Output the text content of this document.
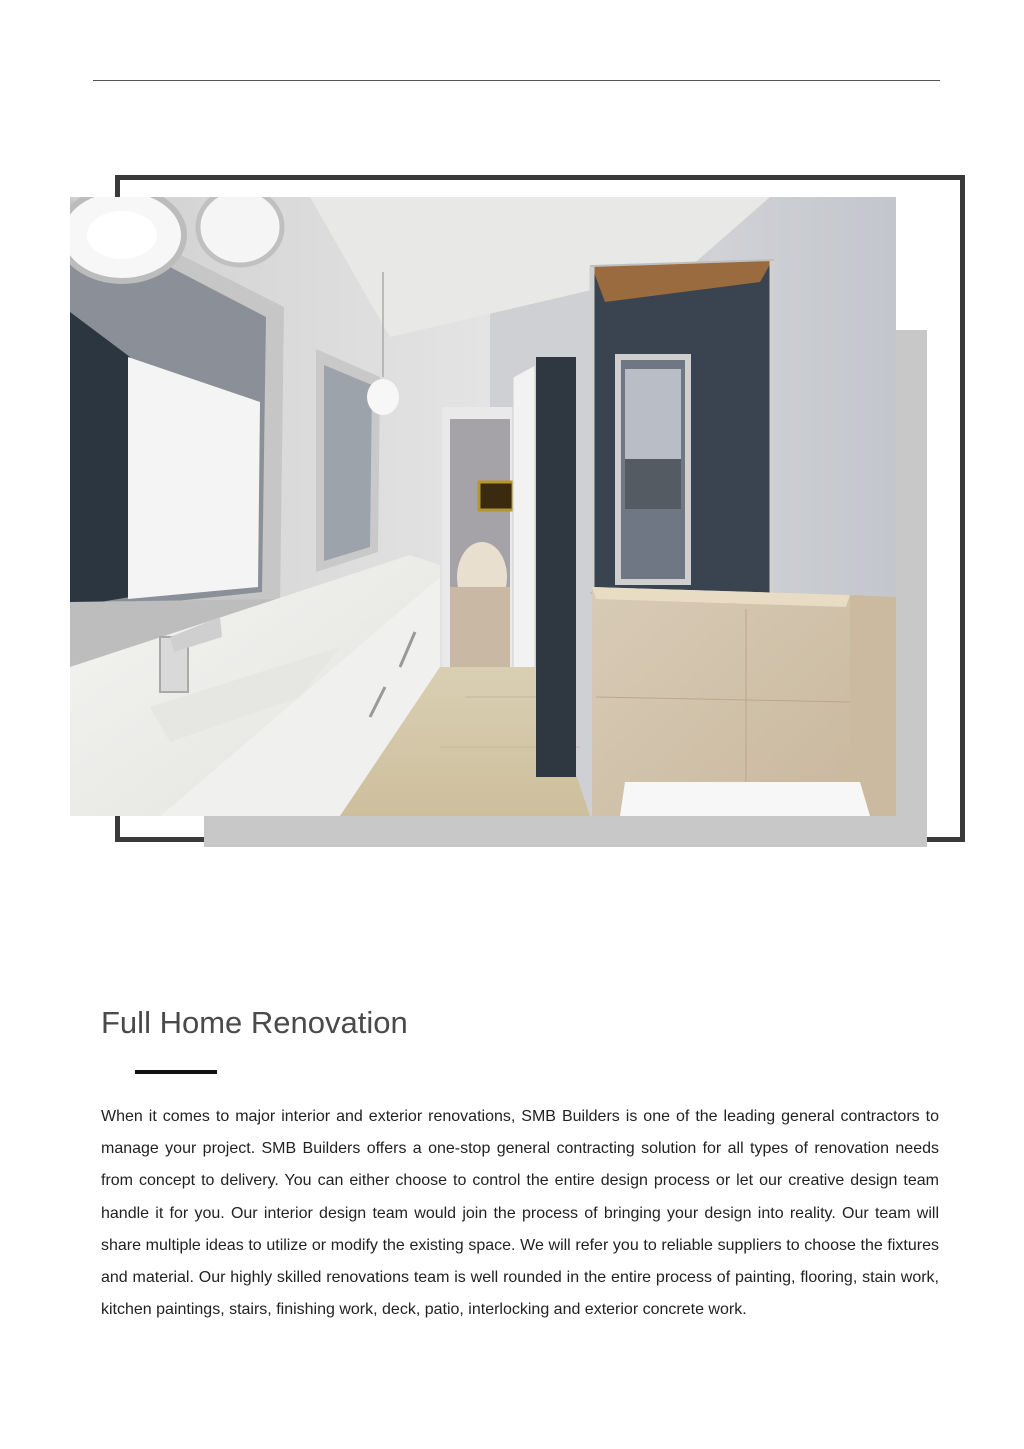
Full Home Renovation

When it comes to major interior and exterior renovations, SMB Builders is one of the leading general contractors to manage your project. SMB Builders offers a one-stop general contracting solution for all types of renovation needs from concept to delivery. You can either choose to control the entire design process or let our creative design team handle it for you. Our interior design team would join the process of bringing your design into reality. Our team will share multiple ideas to utilize or modify the existing space. We will refer you to reliable suppliers to choose the fixtures and material. Our highly skilled renovations team is well rounded in the entire process of painting, flooring, stain work, kitchen paintings, stairs, finishing work, deck, patio, interlocking and exterior concrete work.
